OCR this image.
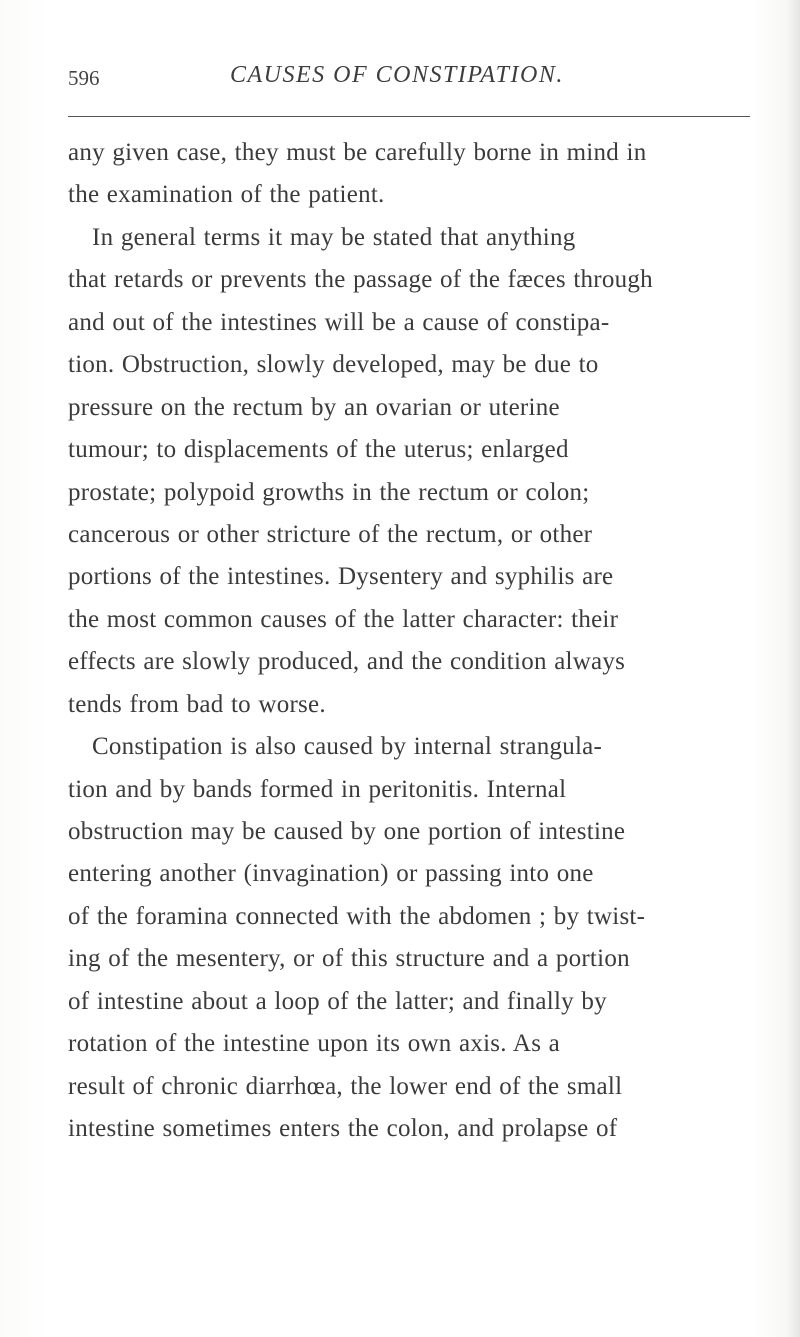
596	CAUSES OF CONSTIPATION.
any given case, they must be carefully borne in mind in
the examination of the patient.
In general terms it may be stated that anything
that retards or prevents the passage of the fæces through
and out of the intestines will be a cause of constipa-
tion. Obstruction, slowly developed, may be due to
pressure on the rectum by an ovarian or uterine
tumour; to displacements of the uterus; enlarged
prostate; polypoid growths in the rectum or colon;
cancerous or other stricture of the rectum, or other
portions of the intestines. Dysentery and syphilis are
the most common causes of the latter character: their
effects are slowly produced, and the condition always
tends from bad to worse.
Constipation is also caused by internal strangula-
tion and by bands formed in peritonitis. Internal
obstruction may be caused by one portion of intestine
entering another (invagination) or passing into one
of the foramina connected with the abdomen ; by twist-
ing of the mesentery, or of this structure and a portion
of intestine about a loop of the latter; and finally by
rotation of the intestine upon its own axis. As a
result of chronic diarrhœa, the lower end of the small
intestine sometimes enters the colon, and prolapse of
